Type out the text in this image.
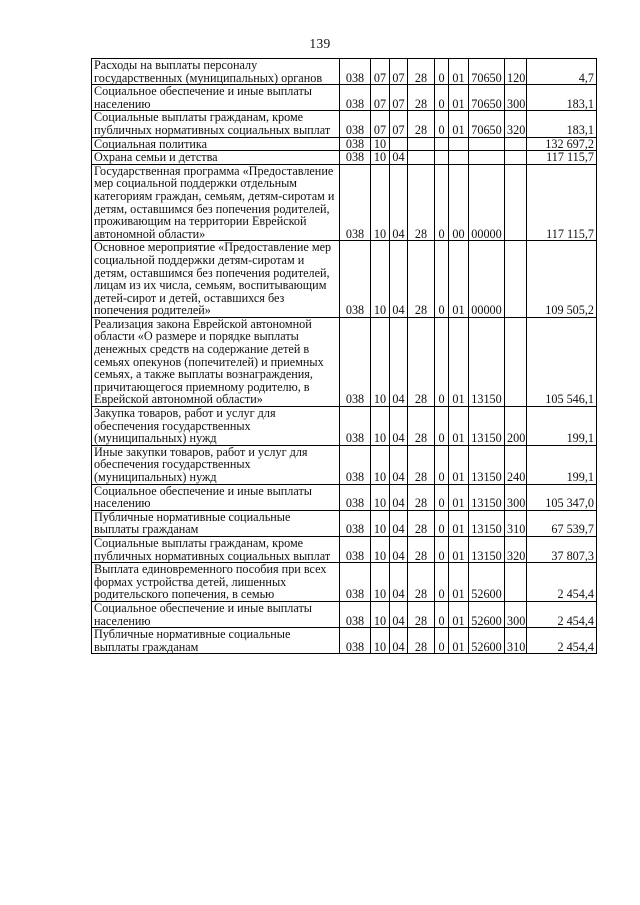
139
Расходы на выплаты персоналу государственных (муниципальных) органов	038	07	07	28	0	01	70650	120	4,7
Социальное обеспечение и иные выплаты населению	038	07	07	28	0	01	70650	300	183,1
Социальные выплаты гражданам, кроме публичных нормативных социальных выплат	038	07	07	28	0	01	70650	320	183,1
Социальная политика	038	10							132 697,2
Охрана семьи и детства	038	10	04						117 115,7
Государственная программа «Предоставление мер социальной поддержки отдельным категориям граждан, семьям, детям-сиротам и детям, оставшимся без попечения родителей, проживающим на территории Еврейской автономной области»	038	10	04	28	0	00	00000		117 115,7
Основное мероприятие «Предоставление мер социальной поддержки детям-сиротам и детям, оставшимся без попечения родителей, лицам из их числа, семьям, воспитывающим детей-сирот и детей, оставшихся без попечения родителей»	038	10	04	28	0	01	00000		109 505,2
Реализация закона Еврейской автономной области «О размере и порядке выплаты денежных средств на содержание детей в семьях опекунов (попечителей) и приемных семьях, а также выплаты вознаграждения, причитающегося приемному родителю, в Еврейской автономной области»	038	10	04	28	0	01	13150		105 546,1
Закупка товаров, работ и услуг для обеспечения государственных (муниципальных) нужд	038	10	04	28	0	01	13150	200	199,1
Иные закупки товаров, работ и услуг для обеспечения государственных (муниципальных) нужд	038	10	04	28	0	01	13150	240	199,1
Социальное обеспечение и иные выплаты населению	038	10	04	28	0	01	13150	300	105 347,0
Публичные нормативные социальные выплаты гражданам	038	10	04	28	0	01	13150	310	67 539,7
Социальные выплаты гражданам, кроме публичных нормативных социальных выплат	038	10	04	28	0	01	13150	320	37 807,3
Выплата единовременного пособия при всех формах устройства детей, лишенных родительского попечения, в семью	038	10	04	28	0	01	52600		2 454,4
Социальное обеспечение и иные выплаты населению	038	10	04	28	0	01	52600	300	2 454,4
Публичные нормативные социальные выплаты гражданам	038	10	04	28	0	01	52600	310	2 454,4
